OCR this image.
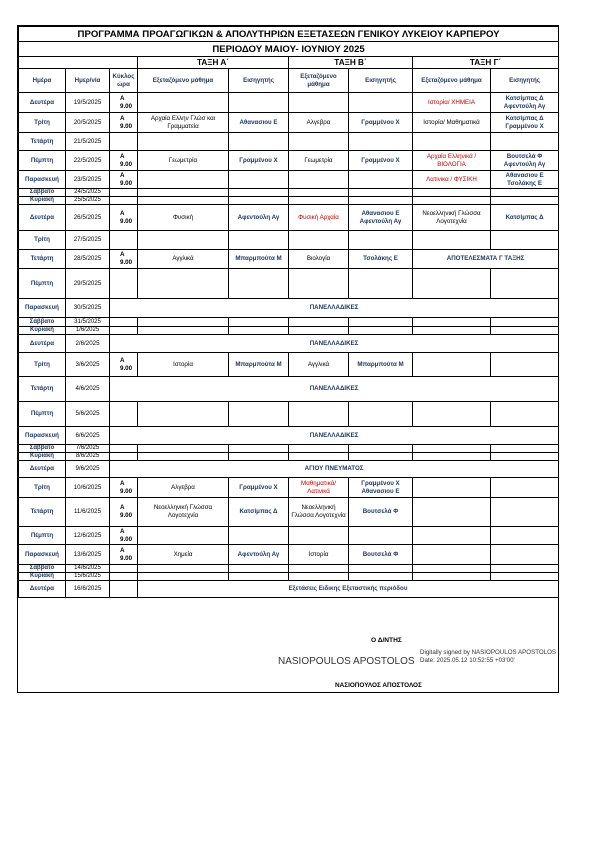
ΠΡΟΓΡΑΜΜΑ ΠΡΟΑΓΩΓΙΚΩΝ & ΑΠΟΛΥΤΗΡΙΩΝ ΕΞΕΤΑΣΕΩΝ ΓΕΝΙΚΟΥ ΛΥΚΕΙΟΥ ΚΑΡΠΕΡΟΥ								
ΠΕΡΙΟΔΟΥ ΜΑΙΟΥ- ΙΟΥΝΙΟΥ 2025								
			ΤΑΞΗ Α΄		ΤΑΞΗ Β΄		ΤΑΞΗ Γ΄	
Ημέρα	Ημερ/νία	Κύκλος ώρα	Εξεταζόμενο μάθημα	Εισηγητής	Εξεταζόμενο μάθημα	Εισηγητής	Εξεταζόμενο μάθημα	Εισηγητής
Δευτέρα	19/5/2025	Α 9.00					Ιστορία/ ΧΗΜΕΙΑ	Κατσίμπας Δ Αφεντούλη Αγ
Τρίτη	20/5/2025	Α 9.00	Αρχαία Ελλην Γλώσ και Γραμματεία	Αθανασιου Ε	Αλγεβρα	Γραμμένου Χ	Ιστορία/ Μαθηματικά	Κατσίμπας Δ Γραμμένου Χ
Τετάρτη	21/5/2025							
Πέμπτη	22/5/2025	Α 9.00	Γεωμετρία	Γραμμένου Χ	Γεωμετρία	Γραμμένου Χ	Αρχαία Ελληνικά / ΒΙΟΛΟΓΙΑ	Βουτσελά Φ Αφεντούλη Αγ
Παρασκευή	23/5/2025	Α 9.00					Λατινικα / ΦΥΣΙΚΗ	Αθανασιου Ε Τσολάκης Ε
Σάββατο	24/5/2025							
Κυριακή	25/5/2025							
Δευτέρα	26/5/2025	Α 9.00	Φυσική	Αφεντούλη Αγ	Φυσική Αρχαία	Αθανασιου Ε Αφεντούλη Αγ	Νεοελληνική Γλώσσα Λογοτεχνία	Κατσίμπας Δ
Τρίτη	27/5/2025							
Τετάρτη	28/5/2025	Α 9.00	Αγγλικά	Μπαρμπούτα Μ	Βιολογία	Τσολάκης Ε	ΑΠΟΤΕΛΕΣΜΑΤΑ Γ ΤΑΞΗΣ	
Πέμπτη	29/5/2025							
Παρασκευή	30/5/2025	ΠΑΝΕΛΛΑΔΙΚΕΣ						
Σάββατο	31/5/2025							
Κυριακή	1/6/2025							
Δευτέρα	2/6/2025	ΠΑΝΕΛΛΑΔΙΚΕΣ						
Τρίτη	3/6/2025	Α 9.00	Ιστορία	Μπαρμπούτα Μ	Αγγλικά	Μπαρμπούτα Μ		
Τετάρτη	4/6/2025	ΠΑΝΕΛΛΑΔΙΚΕΣ						
Πέμπτη	5/6/2025							
Παρασκευή	6/6/2025	ΠΑΝΕΛΛΑΔΙΚΕΣ						
Σάββατο	7/6/2025							
Κυριακή	8/6/2025							
Δευτέρα	9/6/2025	ΑΓΙΟΥ ΠΝΕΥΜΑΤΟΣ						
Τρίτη	10/6/2025	Α 9.00	Αλγεβρα	Γραμμένου Χ	Μαθηματικά/ Λατινικά	Γραμμένου Χ Αθανασιου Ε		
Τετάρτη	11/6/2025	Α 9.00	Νεοελληνική Γλώσσα Λογοτεχνία	Κατσίμπας Δ	Νεοελληνική Γλώσσα Λογοτεχνία	Βουτσελά Φ		
Πέμπτη	12/6/2025	Α 9.00						
Παρασκευή	13/6/2025	Α 9.00	Χημεία	Αφεντούλη Αγ	Ιστορία	Βουτσελά Φ		
Σάββατο	14/6/2025							
Κυριακή	15/6/2025							
Δευτέρα	16/6/2025		Εξετάσεις Ειδικης Εξεταστικής περιόδου					
Ο Δ/ΝΤΗΣ
NASIOPOULOS APOSTOLOS
Digitally signed by NASIOPOULOS APOSTOLOS Date: 2025.05.12 10:52:55 +03'00'
ΝΑΣΙΟΠΟΥΛΟΣ ΑΠΟΣΤΟΛΟΣ
